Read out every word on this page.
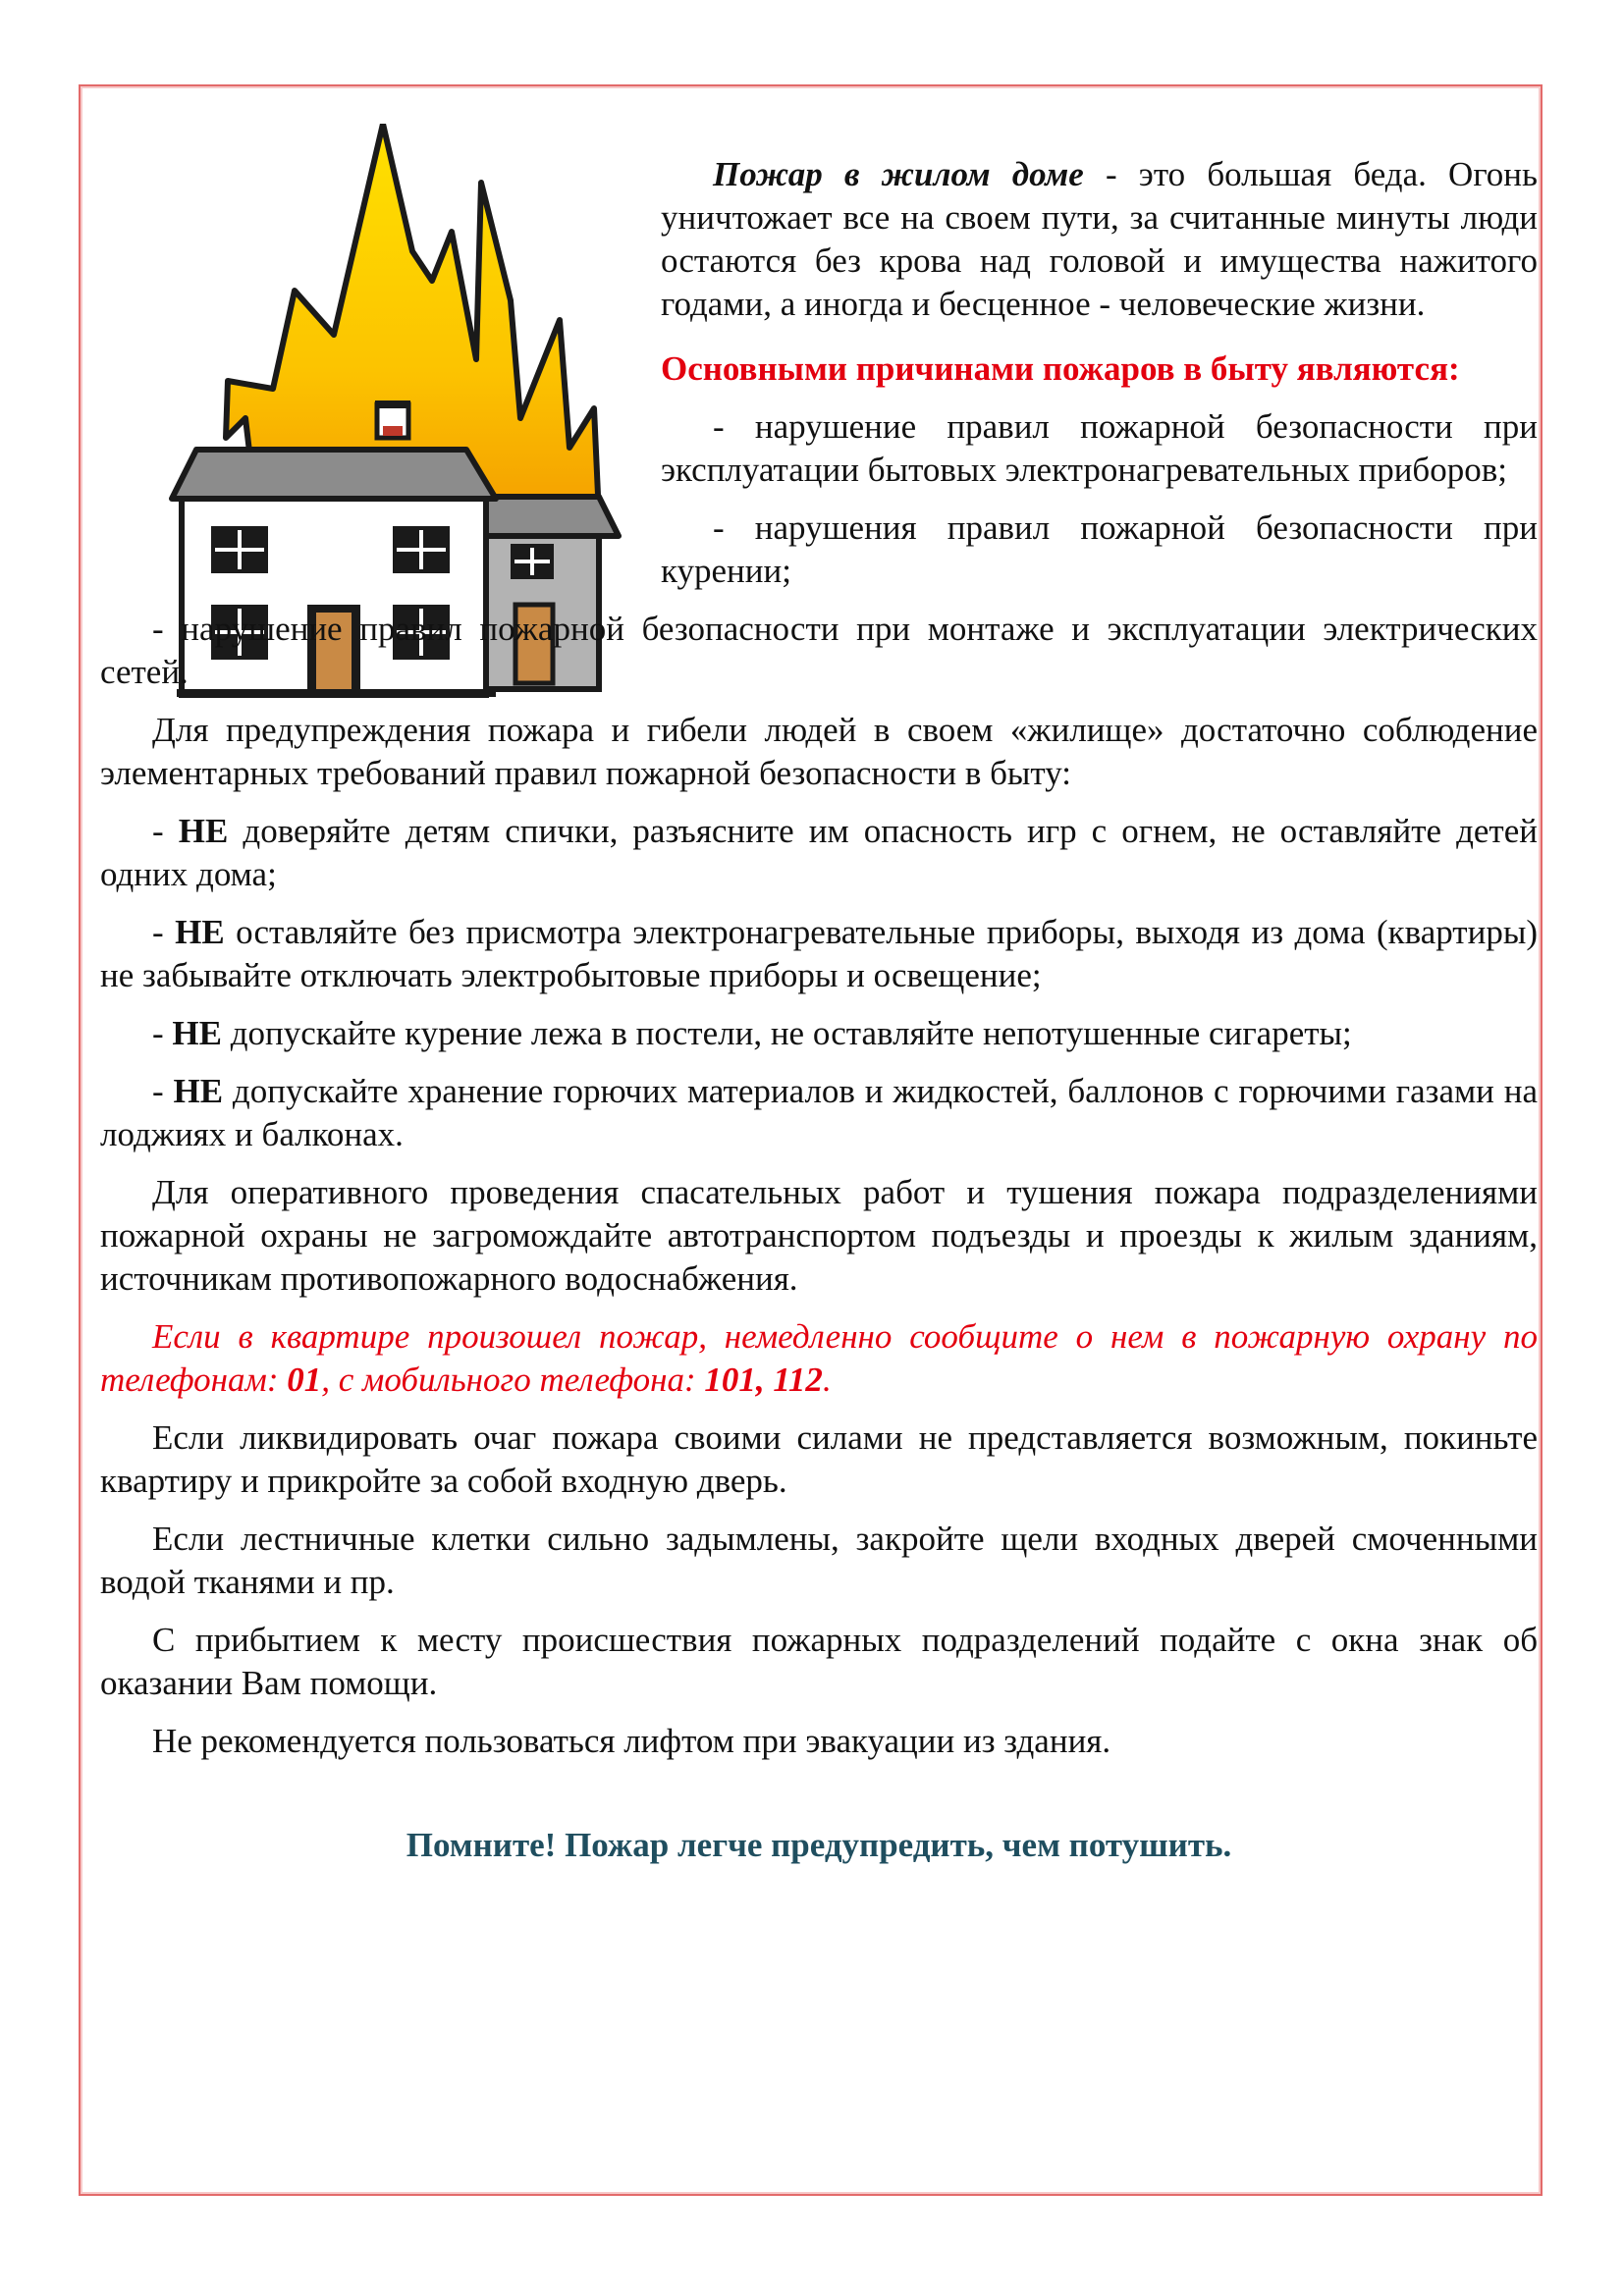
Пожар в жилом доме - это большая беда. Огонь уничтожает все на своем пути, за считанные минуты люди остаются без крова над головой и имущества нажитого годами, а иногда и бесценное - человеческие жизни.

Основными причинами пожаров в быту являются:

- нарушение правил пожарной безопасности при эксплуатации бытовых электронагревательных приборов;

- нарушения правил пожарной безопасности при курении;

- нарушение правил пожарной безопасности при монтаже и эксплуатации электрических сетей.

Для предупреждения пожара и гибели людей в своем «жилище» достаточно соблюдение элементарных требований правил пожарной безопасности в быту:

- НЕ доверяйте детям спички, разъясните им опасность игр с огнем, не оставляйте детей одних дома;

- НЕ оставляйте без присмотра электронагревательные приборы, выходя из дома (квартиры) не забывайте отключать электробытовые приборы и освещение;

- НЕ допускайте курение лежа в постели, не оставляйте непотушенные сигареты;

- НЕ допускайте хранение горючих материалов и жидкостей, баллонов с горючими газами на лоджиях и балконах.

Для оперативного проведения спасательных работ и тушения пожара подразделениями пожарной охраны не загромождайте автотранспортом подъезды и проезды к жилым зданиям, источникам противопожарного водоснабжения.

Если в квартире произошел пожар, немедленно сообщите о нем в пожарную охрану по телефонам: 01, с мобильного телефона: 101, 112.

Если ликвидировать очаг пожара своими силами не представляется возможным, покиньте квартиру и прикройте за собой входную дверь.

Если лестничные клетки сильно задымлены, закройте щели входных дверей смоченными водой тканями и пр.

С прибытием к месту происшествия пожарных подразделений подайте с окна знак об оказании Вам помощи.

Не рекомендуется пользоваться лифтом при эвакуации из здания.

Помните! Пожар легче предупредить, чем потушить.
